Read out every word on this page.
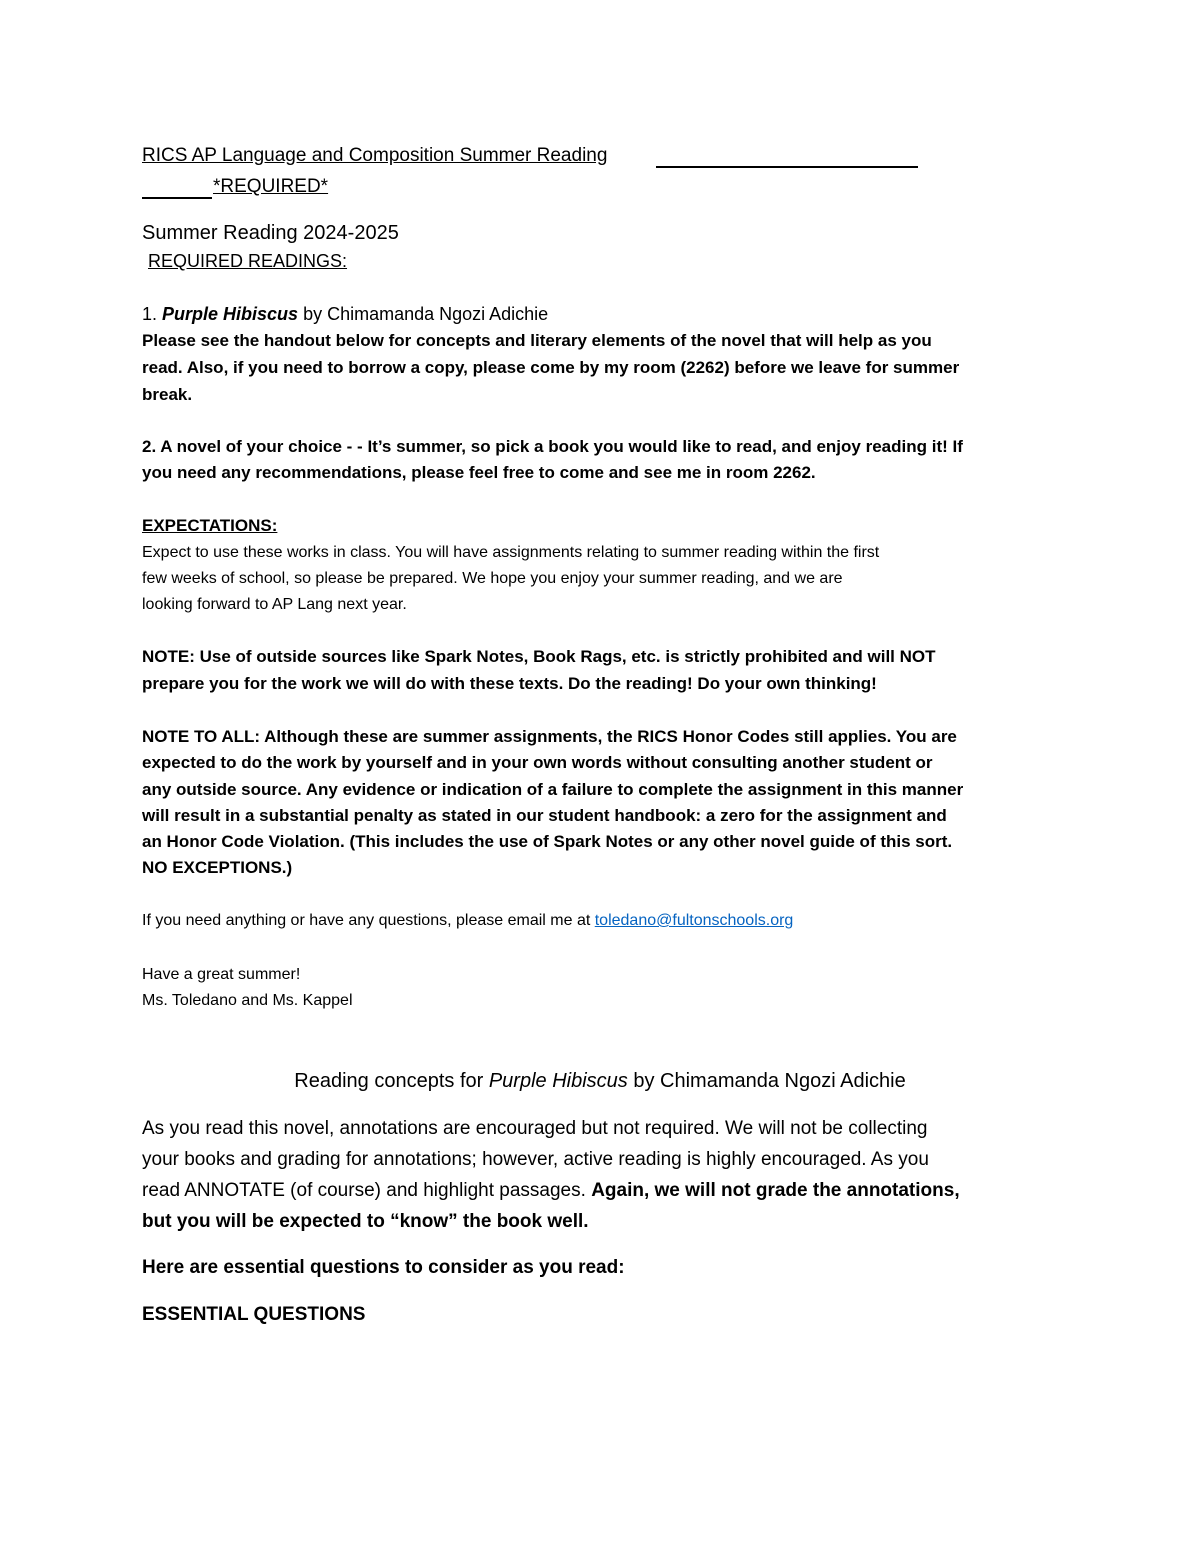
RICS AP Language and Composition Summer Reading
*REQUIRED*
Summer Reading 2024-2025
REQUIRED READINGS:
1. Purple Hibiscus by Chimamanda Ngozi Adichie
Please see the handout below for concepts and literary elements of the novel that will help as you
read. Also, if you need to borrow a copy, please come by my room (2262) before we leave for summer
break.
2. A novel of your choice - - It’s summer, so pick a book you would like to read, and enjoy reading it! If
you need any recommendations, please feel free to come and see me in room 2262.
EXPECTATIONS:
Expect to use these works in class. You will have assignments relating to summer reading within the first
few weeks of school, so please be prepared. We hope you enjoy your summer reading, and we are
looking forward to AP Lang next year.
NOTE: Use of outside sources like Spark Notes, Book Rags, etc. is strictly prohibited and will NOT
prepare you for the work we will do with these texts. Do the reading! Do your own thinking!
NOTE TO ALL: Although these are summer assignments, the RICS Honor Codes still applies. You are
expected to do the work by yourself and in your own words without consulting another student or
any outside source. Any evidence or indication of a failure to complete the assignment in this manner
will result in a substantial penalty as stated in our student handbook: a zero for the assignment and
an Honor Code Violation. (This includes the use of Spark Notes or any other novel guide of this sort.
NO EXCEPTIONS.)
If you need anything or have any questions, please email me at toledano@fultonschools.org
Have a great summer!
Ms. Toledano and Ms. Kappel
Reading concepts for Purple Hibiscus by Chimamanda Ngozi Adichie
As you read this novel, annotations are encouraged but not required. We will not be collecting
your books and grading for annotations; however, active reading is highly encouraged. As you
read ANNOTATE (of course) and highlight passages. Again, we will not grade the annotations,
but you will be expected to “know” the book well.
Here are essential questions to consider as you read:
ESSENTIAL QUESTIONS
